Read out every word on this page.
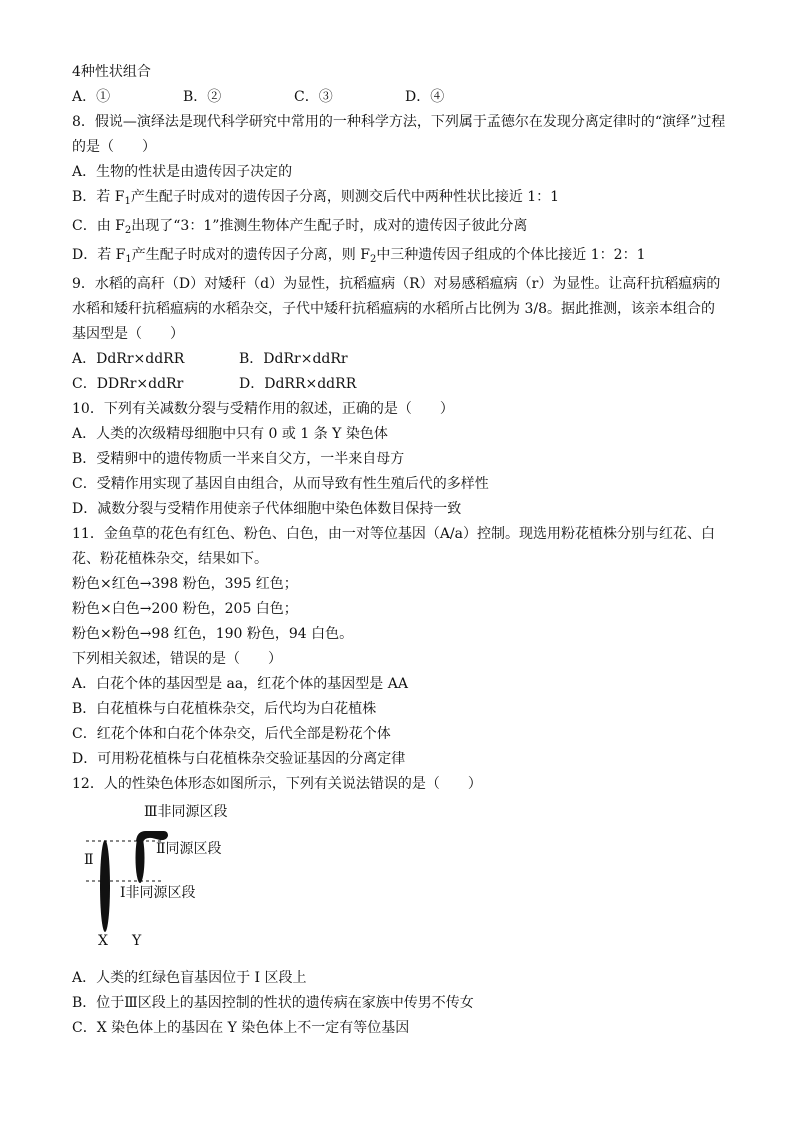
4种性状组合
A．①	B．②	C．③	D．④
8．假说—演绎法是现代科学研究中常用的一种科学方法，下列属于孟德尔在发现分离定律时的“演绎”过程
的是（　　）
A．生物的性状是由遗传因子决定的
B．若 $F_1$产生配子时成对的遗传因子分离，则测交后代中两种性状比接近 1：1
C．由 $F_2$出现了“3：1”推测生物体产生配子时，成对的遗传因子彼此分离
D．若 $F_1$产生配子时成对的遗传因子分离，则 $F_2$中三种遗传因子组成的个体比接近 1：2：1
9．水稻的高秆（D）对矮秆（d）为显性，抗稻瘟病（R）对易感稻瘟病（r）为显性。让高秆抗稻瘟病的
水稻和矮秆抗稻瘟病的水稻杂交，子代中矮秆抗稻瘟病的水稻所占比例为 3/8。据此推测，该亲本组合的
基因型是（　　）
A．DdRr×ddRR	B．DdRr×ddRr
C．DDRr×ddRr	D．DdRR×ddRR
10．下列有关减数分裂与受精作用的叙述，正确的是（　　）
A．人类的次级精母细胞中只有 0 或 1 条 Y 染色体
B．受精卵中的遗传物质一半来自父方，一半来自母方
C．受精作用实现了基因自由组合，从而导致有性生殖后代的多样性
D．减数分裂与受精作用使亲子代体细胞中染色体数目保持一致
11．金鱼草的花色有红色、粉色、白色，由一对等位基因（A/a）控制。现选用粉花植株分别与红花、白
花、粉花植株杂交，结果如下。
粉色×红色→398 粉色，395 红色；
粉色×白色→200 粉色，205 白色；
粉色×粉色→98 红色，190 粉色，94 白色。
下列相关叙述，错误的是（　　）
A．白花个体的基因型是 aa，红花个体的基因型是 AA
B．白花植株与白花植株杂交，后代均为白花植株
C．红花个体和白花个体杂交，后代全部是粉花个体
D．可用粉花植株与白花植株杂交验证基因的分离定律
12．人的性染色体形态如图所示，下列有关说法错误的是（　　）
Ⅲ非同源区段
Ⅱ同源区段
Ⅰ非同源区段
Ⅱ
X Y
A．人类的红绿色盲基因位于 I 区段上
B．位于Ⅲ区段上的基因控制的性状的遗传病在家族中传男不传女
C．X 染色体上的基因在 Y 染色体上不一定有等位基因
